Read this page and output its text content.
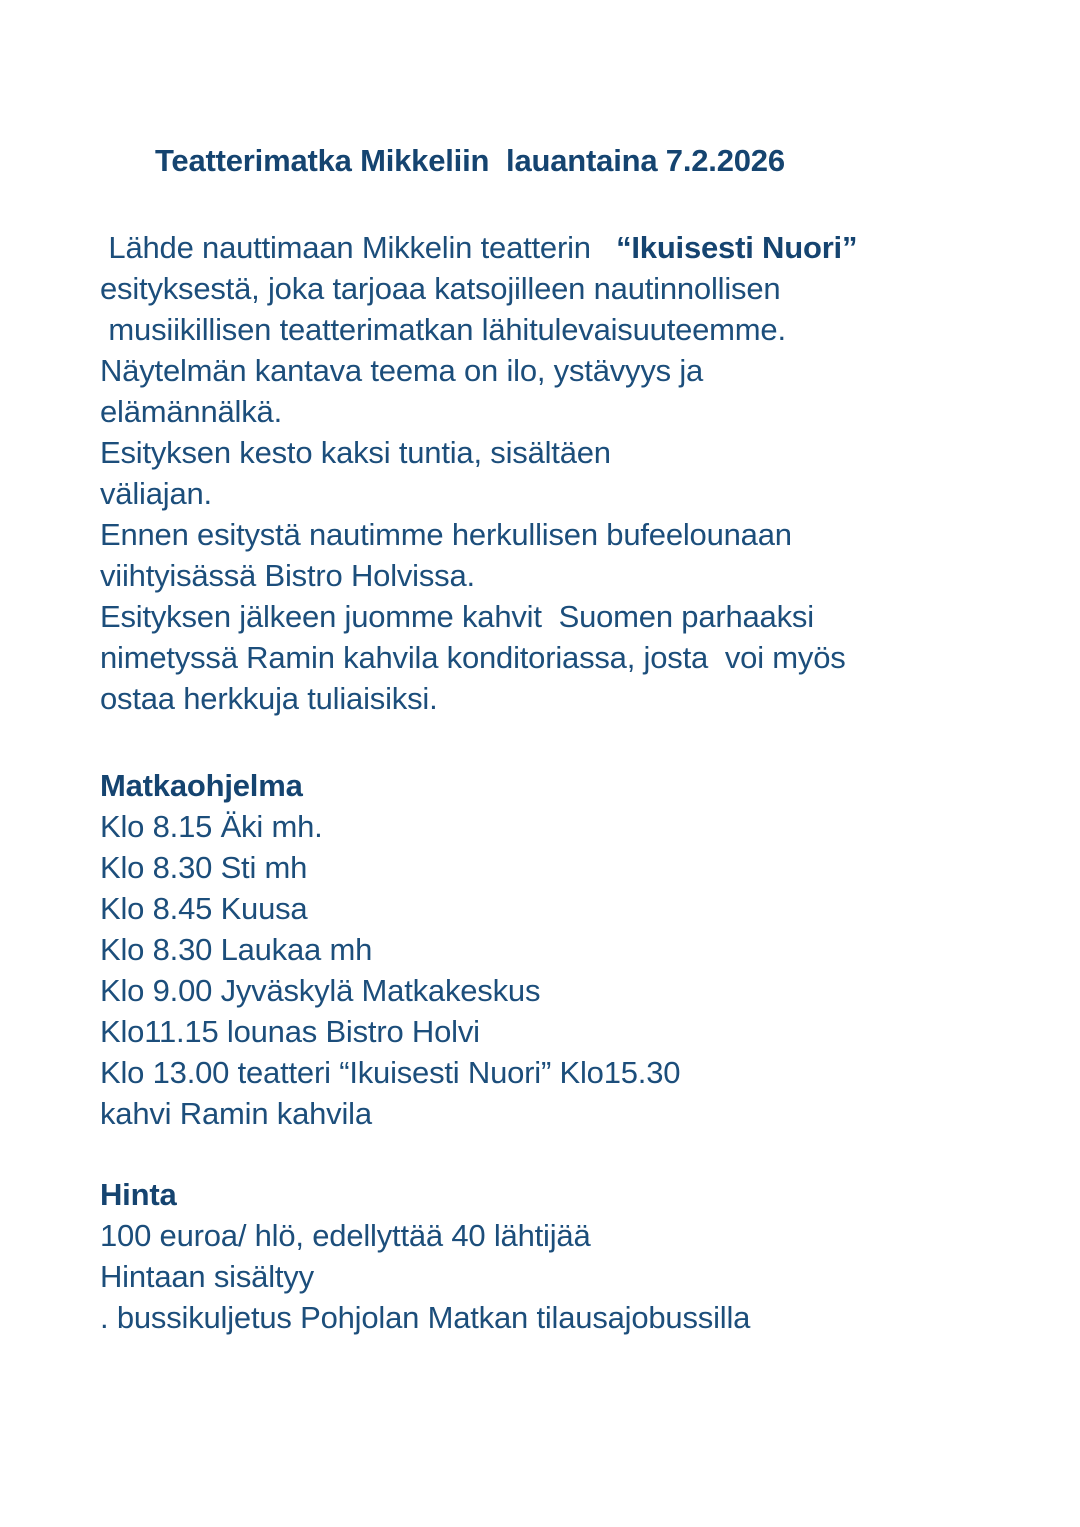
Teatterimatka Mikkeliin  lauantaina 7.2.2026

Lähde nauttimaan Mikkelin teatterin   “Ikuisesti Nuori”

esityksestä, joka tarjoaa katsojilleen nautinnollisen

musiikillisen teatterimatkan lähitulevaisuuteemme.

Näytelmän kantava teema on ilo, ystävyys ja

elämännälkä.

Esityksen kesto kaksi tuntia, sisältäen

väliajan.

Ennen esitystä nautimme herkullisen bufeelounaan

viihtyisässä Bistro Holvissa.

Esityksen jälkeen juomme kahvit  Suomen parhaaksi

nimetyssä Ramin kahvila konditoriassa, josta  voi myös

ostaa herkkuja tuliaisiksi.

Matkaohjelma

Klo 8.15 Äki mh.

Klo 8.30 Sti mh

Klo 8.45 Kuusa

Klo 8.30 Laukaa mh

Klo 9.00 Jyväskylä Matkakeskus

Klo11.15 lounas Bistro Holvi

Klo 13.00 teatteri “Ikuisesti Nuori” Klo15.30

kahvi Ramin kahvila

Hinta

100 euroa/ hlö, edellyttää 40 lähtijää

Hintaan sisältyy

. bussikuljetus Pohjolan Matkan tilausajobussilla
